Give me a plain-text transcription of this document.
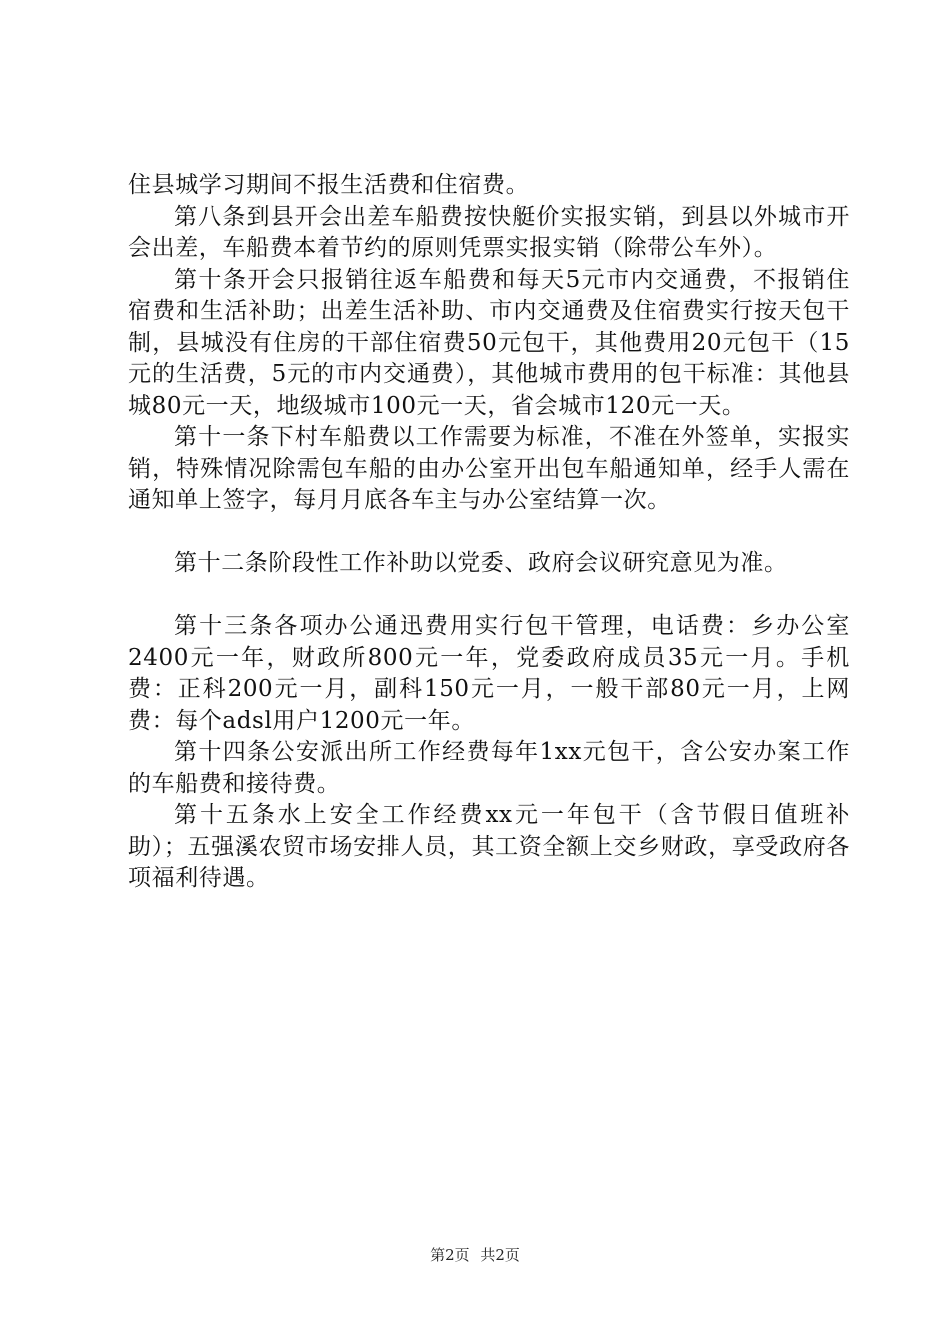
住县城学习期间不报生活费和住宿费。

第八条到县开会出差车船费按快艇价实报实销，到县以外城市开会出差，车船费本着节约的原则凭票实报实销（除带公车外）。

第十条开会只报销往返车船费和每天5元市内交通费，不报销住宿费和生活补助；出差生活补助、市内交通费及住宿费实行按天包干制，县城没有住房的干部住宿费50元包干，其他费用20元包干（15元的生活费，5元的市内交通费），其他城市费用的包干标准：其他县城80元一天，地级城市100元一天，省会城市120元一天。

第十一条下村车船费以工作需要为标准，不准在外签单，实报实销，特殊情况除需包车船的由办公室开出包车船通知单，经手人需在通知单上签字，每月月底各车主与办公室结算一次。

第十二条阶段性工作补助以党委、政府会议研究意见为准。

第十三条各项办公通迅费用实行包干管理，电话费：乡办公室2400元一年，财政所800元一年，党委政府成员35元一月。手机费：正科200元一月，副科150元一月，一般干部80元一月，上网费：每个adsl用户1200元一年。

第十四条公安派出所工作经费每年1xx元包干，含公安办案工作的车船费和接待费。

第十五条水上安全工作经费xx元一年包干（含节假日值班补助）；五强溪农贸市场安排人员，其工资全额上交乡财政，享受政府各项福利待遇。

第2页 共2页
